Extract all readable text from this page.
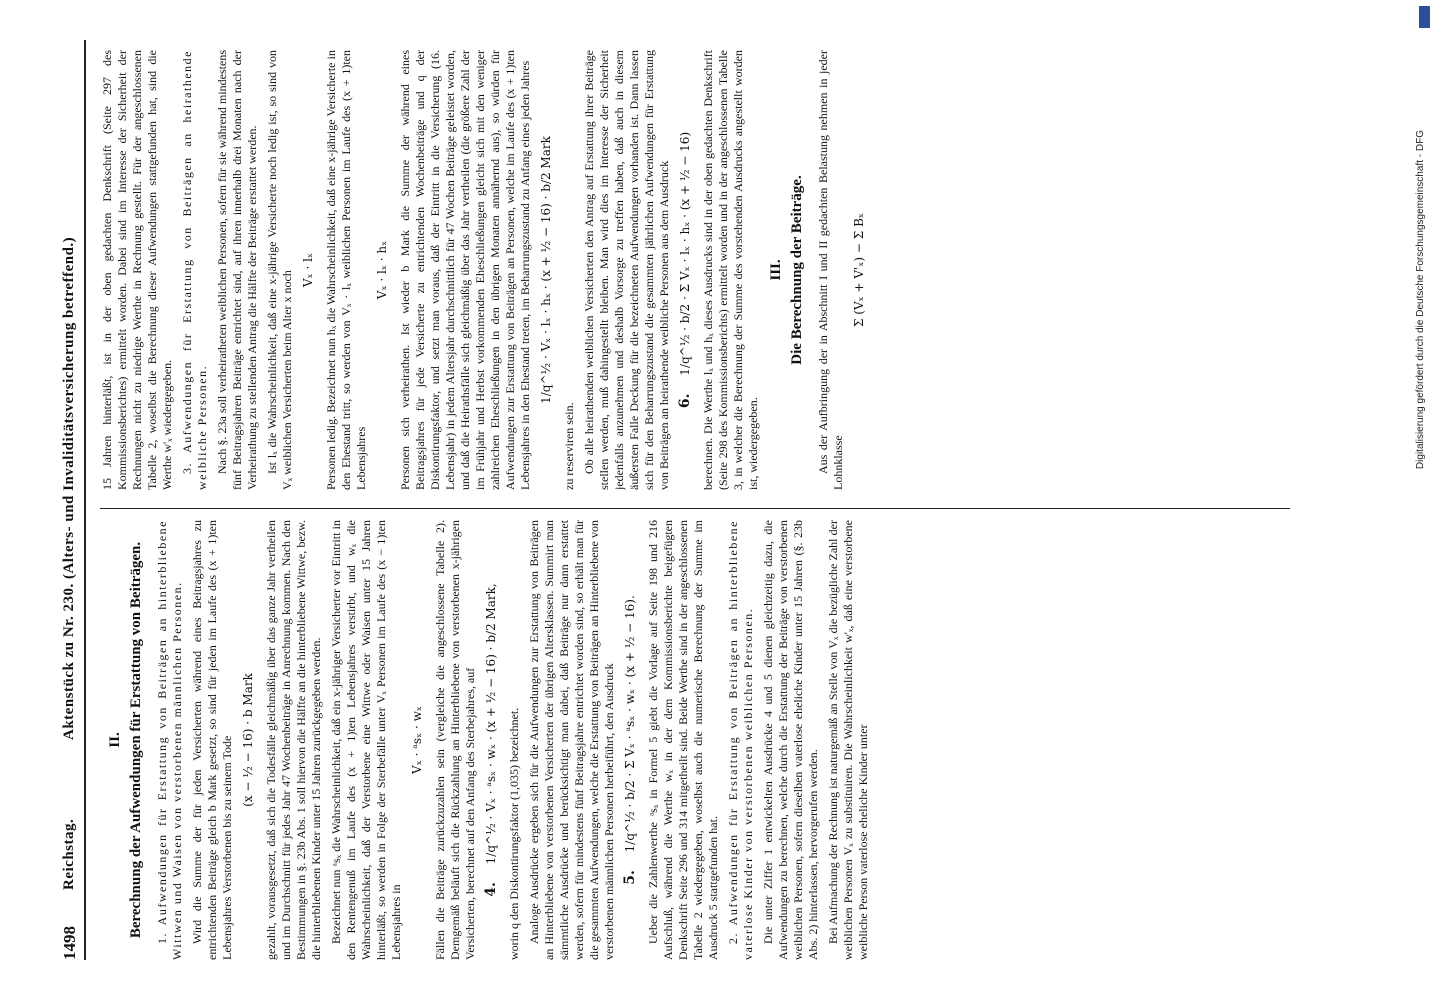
1498
Reichstag.
Aktenstück zu Nr. 230. (Alters- und Invaliditätsversicherung betreffend.) II. Berechnung der Aufwendungen für Erstattung von Beiträgen. 1. Aufwendungen für Erstattung von Beiträgen an hinterbliebene Wittwen und Waisen von verstorbenen männlichen Personen. Wird die Summe der für jeden Versicherten während eines Beitragsjahres zu entrichtenden Beiträge gleich b Mark gesetzt, so sind für jeden im Laufe des (x + 1)ten Lebensjahres Verstorbenen bis zu seinem Tode (x − ½ − 16) · b Mark gezahlt, vorausgesetzt, daß sich die Todesfälle gleichmäßig über das ganze Jahr vertheilen und im Durchschnitt für jedes Jahr 47 Wochenbeiträge in Anrechnung kommen. Nach den Bestimmungen in §. 23b Abs. 1 soll hiervon die Hälfte an die hinterbliebene Wittwe, bezw. die hinterbliebenen Kinder unter 15 Jahren zurückgegeben werden. Bezeichnet nun ᵃsₓ die Wahrscheinlichkeit, daß ein x-jähriger Versicherter vor Eintritt in den Rentengenuß im Laufe des (x + 1)ten Lebensjahres verstirbt, und wₓ die Wahrscheinlichkeit, daß der Verstorbene eine Wittwe oder Waisen unter 15 Jahren hinterläßt, so werden in Folge der Sterbefälle unter Vₓ Personen im Laufe des (x − 1)ten Lebensjahres in

Vₓ · ᵃsₓ · wₓ Fällen die Beiträge zurückzuzahlen sein (vergleiche die angeschlossene Tabelle 2). Demgemäß beläuft sich die Rückzahlung an Hinterbliebene von verstorbenen x-jährigen Versicherten, berechnet auf den Anfang des Sterbejahres, auf 4. 1/q^½ · Vₓ · ᵃsₓ · wₓ · (x + ½ − 16) · b/2 Mark, worin q den Diskontirungsfaktor (1,035) bezeichnet. Analoge Ausdrücke ergeben sich für die Aufwendungen zur Erstattung von Beiträgen an Hinterbliebene von verstorbenen Versicherten der übrigen Altersklassen. Summirt man sämmtliche Ausdrücke und berücksichtigt man dabei, daß Beiträge nur dann erstattet werden, sofern für mindestens fünf Beitragsjahre entrichtet worden sind, so erhält man für die gesammten Aufwendungen, welche die Erstattung von Beiträgen an Hinterbliebene von verstorbenen männlichen Personen herbeiführt, den Ausdruck 5. 1/q^½ · b/2 · Σ Vₓ · ᵃsₓ · wₓ · (x + ½ − 16). Ueber die Zahlenwerthe ᵃsₓ in Formel 5 giebt die Vorlage auf Seite 198 und 216 Aufschluß, während die Werthe wₓ in der dem Kommissionsberichte beigefügten Denkschrift Seite 296 und 314 mitgetheilt sind. Beide Werthe sind in der angeschlossenen Tabelle 2 wiedergegeben, woselbst auch die numerische Berechnung der Summe im Ausdruck 5 stattgefunden hat. 2. Aufwendungen für Erstattung von Beiträgen an hinterbliebene vaterlose Kinder von verstorbenen weiblichen Personen. Die unter Ziffer 1 entwickelten Ausdrücke 4 und 5 dienen gleichzeitig dazu, die Aufwendungen zu berechnen, welche durch die Erstattung der Beiträge von verstorbenen weiblichen Personen, sofern dieselben vaterlose eheliche Kinder unter 15 Jahren (§. 23b Abs. 2) hinterlassen, hervorgerufen werden. Bei Aufmachung der Rechnung ist naturgemäß an Stelle von Vₓ die bezügliche Zahl der weiblichen Personen Vₓ zu substituiren. Die Wahrscheinlichkeit w'ₓ, daß eine verstorbene weibliche Person vaterlose eheliche Kinder unter

15 Jahren hinterläßt, ist in der oben gedachten Denkschrift (Seite 297 des Kommissionsberichtes) ermittelt worden. Dabei sind im Interesse der Sicherheit der Rechnungen nicht zu niedrige Werthe in Rechnung gestellt. Für der angeschlossenen Tabelle 2, woselbst die Berechnung dieser Aufwendungen stattgefunden hat, sind die Werthe w'ₓ wiedergegeben. 3. Aufwendungen für Erstattung von Beiträgen an heirathende weibliche Personen. Nach §. 23a soll verheiratheten weiblichen Personen, sofern für sie während mindestens fünf Beitragsjahren Beiträge entrichtet sind, auf ihren innerhalb drei Monaten nach der Verheirathung zu stellenden Antrag die Hälfte der Beiträge erstattet werden. Ist lₓ die Wahrscheinlichkeit, daß eine x-jährige Versicherte noch ledig ist, so sind von Vₓ weiblichen Versicherten beim Alter x noch

Vₓ · lₓ Personen ledig. Bezeichnet nun hₓ die Wahrscheinlichkeit, daß eine x-jährige Versicherte in den Ehestand tritt, so werden von Vₓ · lₓ weiblichen Personen im Laufe des (x + 1)ten Lebensjahres

Vₓ · lₓ · hₓ Personen sich verheirathen. Ist wieder b Mark die Summe der während eines Beitragsjahres für jede Versicherte zu entrichtenden Wochenbeiträge und q der Diskontirungsfaktor, und setzt man voraus, daß der Eintritt in die Versicherung (16. Lebensjahr) in jedem Altersjahr durchschnittlich für 47 Wochen Beiträge geleistet worden, und daß die Heirathsfälle sich gleichmäßig über das Jahr vertheilen (die größere Zahl der im Frühjahr und Herbst vorkommenden Eheschließungen gleicht sich mit den weniger zahlreichen Eheschließungen in den übrigen Monaten annähernd aus), so würden für Aufwendungen zur Erstattung von Beiträgen an Personen, welche im Laufe des (x + 1)ten Lebensjahres in den Ehestand treten, im Beharrungszustand zu Anfang eines jeden Jahres 1/q^½ · Vₓ · lₓ · hₓ · (x + ½ − 16) · b/2 Mark

zu reserviren sein. Ob alle heirathenden weiblichen Versicherten den Antrag auf Erstattung ihrer Beiträge stellen werden, muß dahingestellt bleiben. Man wird dies im Interesse der Sicherheit jedenfalls anzunehmen und deshalb Vorsorge zu treffen haben, daß auch in diesem äußersten Falle Deckung für die bezeichneten Aufwendungen vorhanden ist. Dann lassen sich für den Beharrungszustand die gesammten jährlichen Aufwendungen für Erstattung von Beiträgen an heirathende weibliche Personen aus dem Ausdruck 6. 1/q^½ · b/2 · Σ Vₓ · lₓ · hₓ · (x + ½ − 16) berechnen. Die Werthe lₓ und hₓ dieses Ausdrucks sind in der oben gedachten Denkschrift (Seite 298 des Kommissionsberichts) ermittelt worden und in der angeschlossenen Tabelle 3, in welcher die Berechnung der Summe des vorstehenden Ausdrucks angestellt worden ist, wiedergegeben.

III. Die Berechnung der Beiträge. Aus der Aufbringung der in Abschnitt I und II gedachten Belastung nehmen in jeder Lohnklasse

Σ (Vₓ + V'ₓ) − Σ Bₓ	Digitalisierung gefördert durch die Deutsche Forschungsgemeinschaft - DFG
